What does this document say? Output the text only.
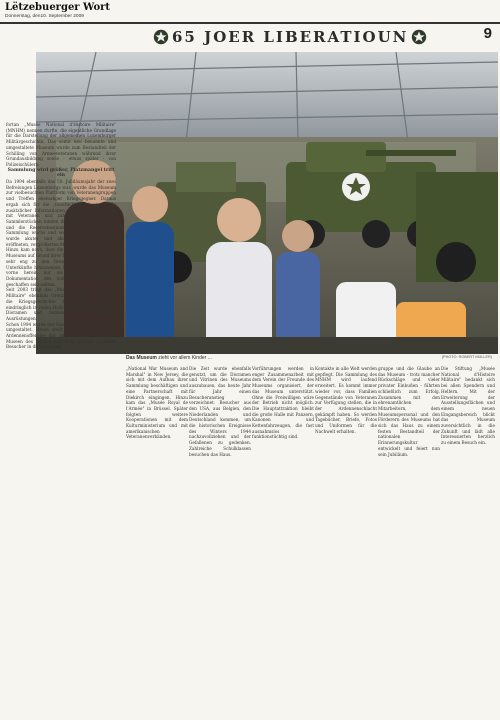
Lëtzebuerger Wort
Donnerstag, den10. September 2009
65 JOER LIBERATIOUN	9

fortan „Musée National d'Histoire Militaire" (MNHM) nennen durfte, die eigentliche Grundlage für die Darstellung der allgemeinen Luxemburger Militärgeschichte. Das somit neu benannte und umgestaltete Museum wurde zum Bestandteil der Schilling von Armeeveteranen während ihrer Grundausbildung sowie - etwas später - von Polizeischülern.

Sammlung wird größer, Platzmangel tritt ein

Da 1994 ebenfalls das 50. Jubiläumsjahr der zwei Befreiungen Luxemburgs war, wurde das Museum zur vielbesuchten Plattform von Veteranengruppen und Treffen ehemaliger Kriegsgegner. Daraus ergab sich für die „Geschichtsfreie" eine Fülle zusätzlicher Informationen. Unzählige Interviews mit Veteranen und zahlreiche Abgaben von Sammlerstücken fanden ihren Weg in die Archive und die Reservebestände des Museums. Die Sammlung wuchs und wuchs - der Platzmangel wurde akuter und akuter, trotz der 1997 eröffneten, vergrößerten Militärfahrzeughalle.

Hinzu kam noch, dass die Ausstellungsstücke des Museums auf Grund ihrer Bedeutung, das Gebäude sehr eng zu den Grenzen der zugänglichen Unterkünfte hinzuweisen hatte, des im Jahre von vorne herein nur als Leerfläche für die Dokumentation des kulturellen Gedächtnisses geschaffen sein sollten.

Seit 2003 trägt das „Musée National d'Histoire Militaire" ebenfalls Grenzübergreifend und zeigt die Kriegsgeschichte der Jahre 1944-1945 eindringlich in vielen Hallen mit Militärfahrzeugen, Dioramen und Soldaten in authentischen Ausrüstungen.

Schon 1994 wurde der Name des Museums offiziell umgestaltet. Heute stellt es die Ereignisse der Ardennenoffensive dar, ist eines der wichtigsten Museen des Landes und lockt jährlich tausende Besucher in die Nordstad.

Das Museum zieht vor allem Kinder ...	(PHOTO: ROBERT MÜLLER)

„National War Museum and Marshal" in New Jersey, die sich mit dem Aufbau ihrer Sammlung beschäftigen und eine Partnerschaft mit Diekirch eingingen. Hinzu kam das „Musée Royal de l'Armée" in Brüssel. Später folgten weitere Kooperationen mit dem Kulturministerium und mit amerikanischen Veteranenverbänden.

Die Zeit wurde ebenfalls genutzt, um die Dioramen und Vitrinen des Museums auszubauen, das heute Jahr für Jahr einen Besucheranstieg verzeichnet. Besucher aus den USA, aus Belgien, den Niederlanden und Deutschland kommen, um die historischen Ereignisse des Winters 1944 nachzuvollziehen und der Gefallenen zu gedenken. Zahlreiche Schulklassen besuchen das Haus.

Vorführungen werden in enger Zusammenarbeit mit dem Verein der Freunde des Museums organisiert, der das Museum unterstützt. Ohne die Freiwilligen wäre der Betrieb nicht möglich. Die Hauptattraktion bleibt die große Halle mit Panzern, Kanonen und Kettenfahrzeugen, die fast ausnahmslos funktionstüchtig sind.

Kontakte in alle Welt werden gepflegt. Die Sammlung des MNHM wird laufend erweitert. Es kommt immer wieder vor, dass Familien Gegenstände von Veteranen zur Verfügung stellen, die in der Ardennenschlacht gekämpft haben. So werden Tagebücher, Briefe, Fotos und Uniformen für die Nachwelt erhalten.

gruppe und die Glaube an das Museum - trotz mancher Rückschläge und vieler privater Einbußen - führten schließlich zum Erfolg. Zusammen mit den ehrenamtlichen Mitarbeitern, dem Museumspersonal und den Förderern des Museums hat sich das Haus zu einem festen Bestandteil der nationalen Erinnerungskultur entwickelt und feiert nun sein Jubiläum.

Die Stiftung „Musée National d'Histoire Militaire" bedankt sich bei allen Spendern und Helfern. Mit der Erweiterung der Ausstellungsflächen und einem neuen Eingangsbereich blickt das Museum zuversichtlich in die Zukunft und lädt alle Interessierten herzlich zu einem Besuch ein.
